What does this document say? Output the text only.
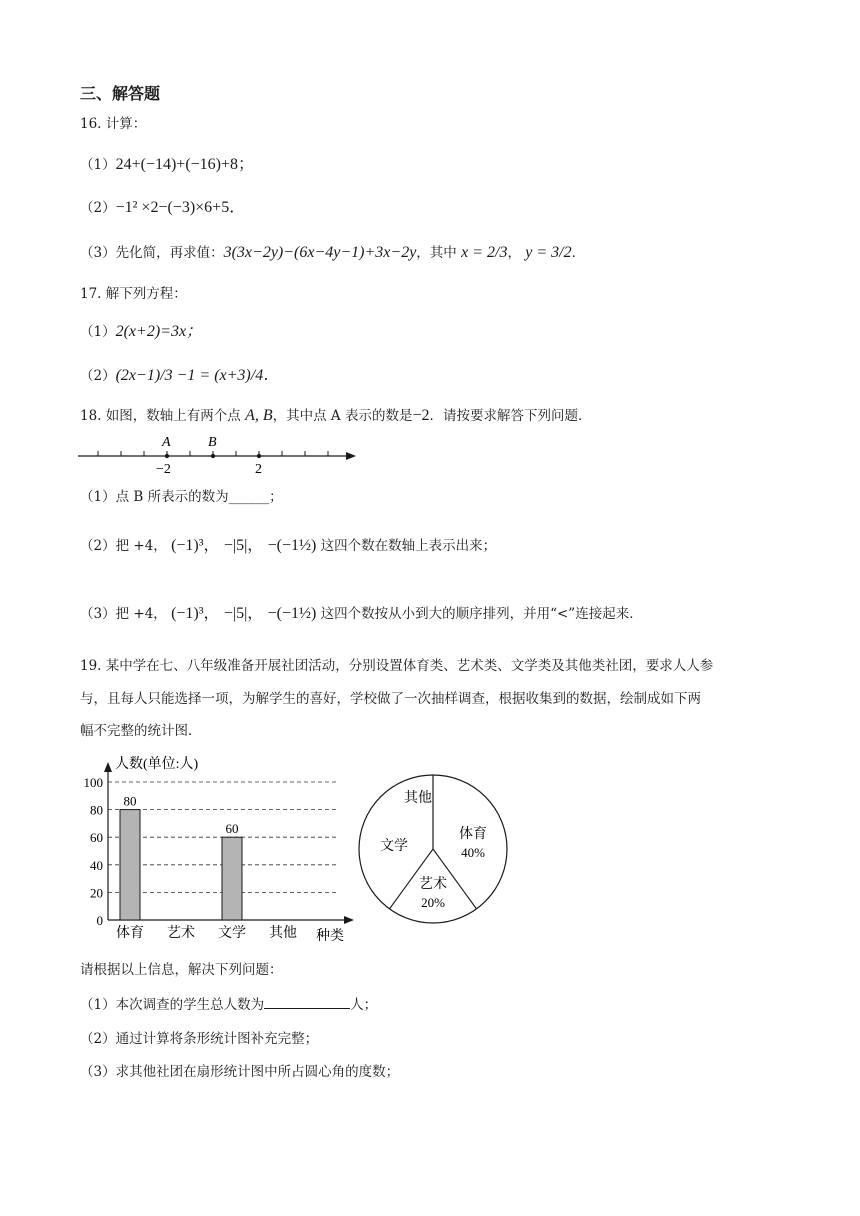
三、解答题
16. 计算：
（1）24+(−14)+(−16)+8；
（2）−1² ×2−(−3)×6+5．
（3）先化简，再求值：3(3x−2y)−(6x−4y−1)+3x−2y，其中 x = 2/3， y = 3/2．
17. 解下列方程：
（1）2(x+2)=3x；
（2）(2x−1)/3 −1 = (x+3)/4．
18. 如图，数轴上有两个点 A, B，其中点 A 表示的数是−2．请按要求解答下列问题．
A	B
−2	2
（1）点 B 所表示的数为______；
（2）把 +4， (−1)³， −|5|， −(−1½) 这四个数在数轴上表示出来；
（3）把 +4， (−1)³， −|5|， −(−1½) 这四个数按从小到大的顺序排列，并用“<”连接起来．
19. 某中学在七、八年级准备开展社团活动，分别设置体育类、艺术类、文学类及其他类社团，要求人人参
与，且每人只能选择一项，为解学生的喜好，学校做了一次抽样调查，根据收集到的数据，绘制成如下两
幅不完整的统计图．
人数(单位:人)
种类
0
20
40
60
80
100
体育
80
艺术 文学
60
其他
体育
40%
艺术
20%
文学
其他
请根据以上信息，解决下列问题：
（1）本次调查的学生总人数为	人；
（2）通过计算将条形统计图补充完整；
（3）求其他社团在扇形统计图中所占圆心角的度数；
